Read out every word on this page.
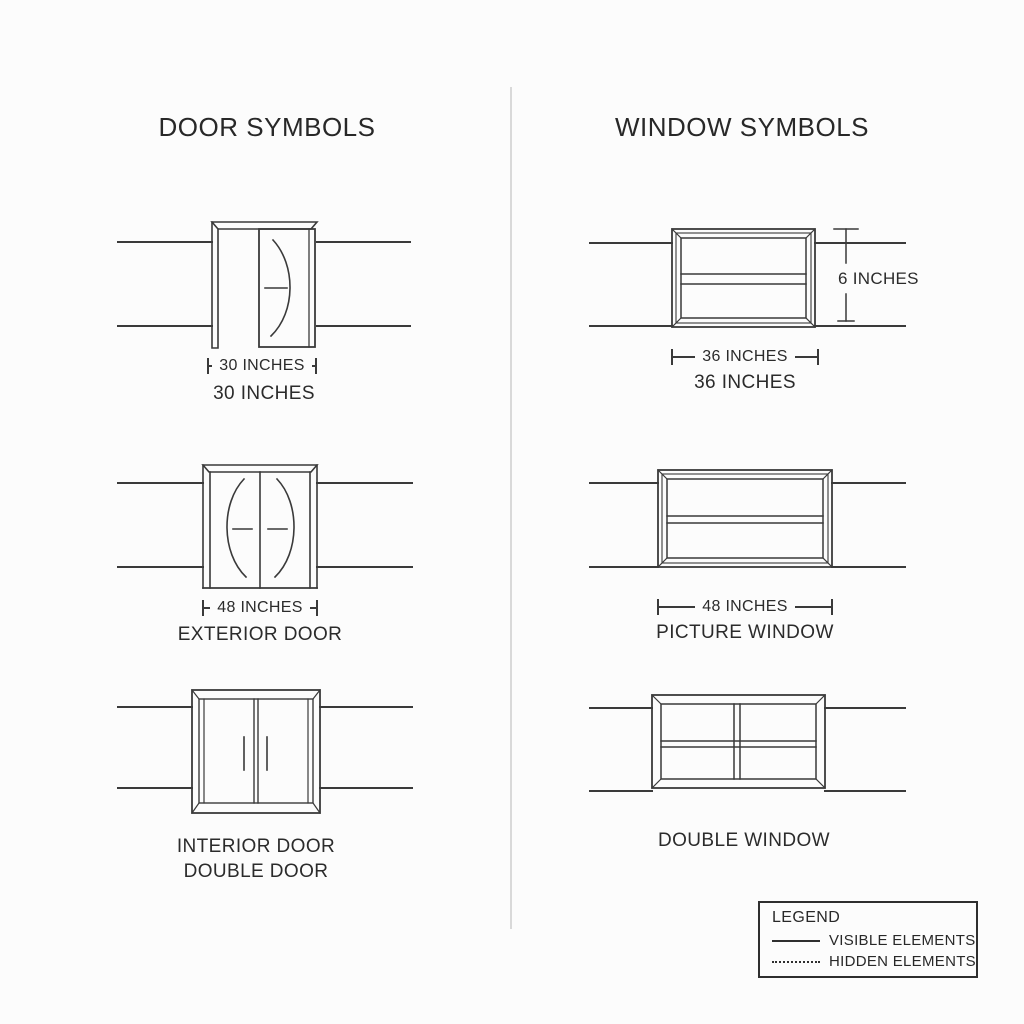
DOOR SYMBOLS	WINDOW SYMBOLS
30 INCHES
30 INCHES
48 INCHES
EXTERIOR DOOR
INTERIOR DOOR
DOUBLE DOOR
36 INCHES
6 INCHES
36 INCHES
48 INCHES
PICTURE WINDOW
DOUBLE WINDOW
LEGEND
VISIBLE ELEMENTS
HIDDEN ELEMENTS
